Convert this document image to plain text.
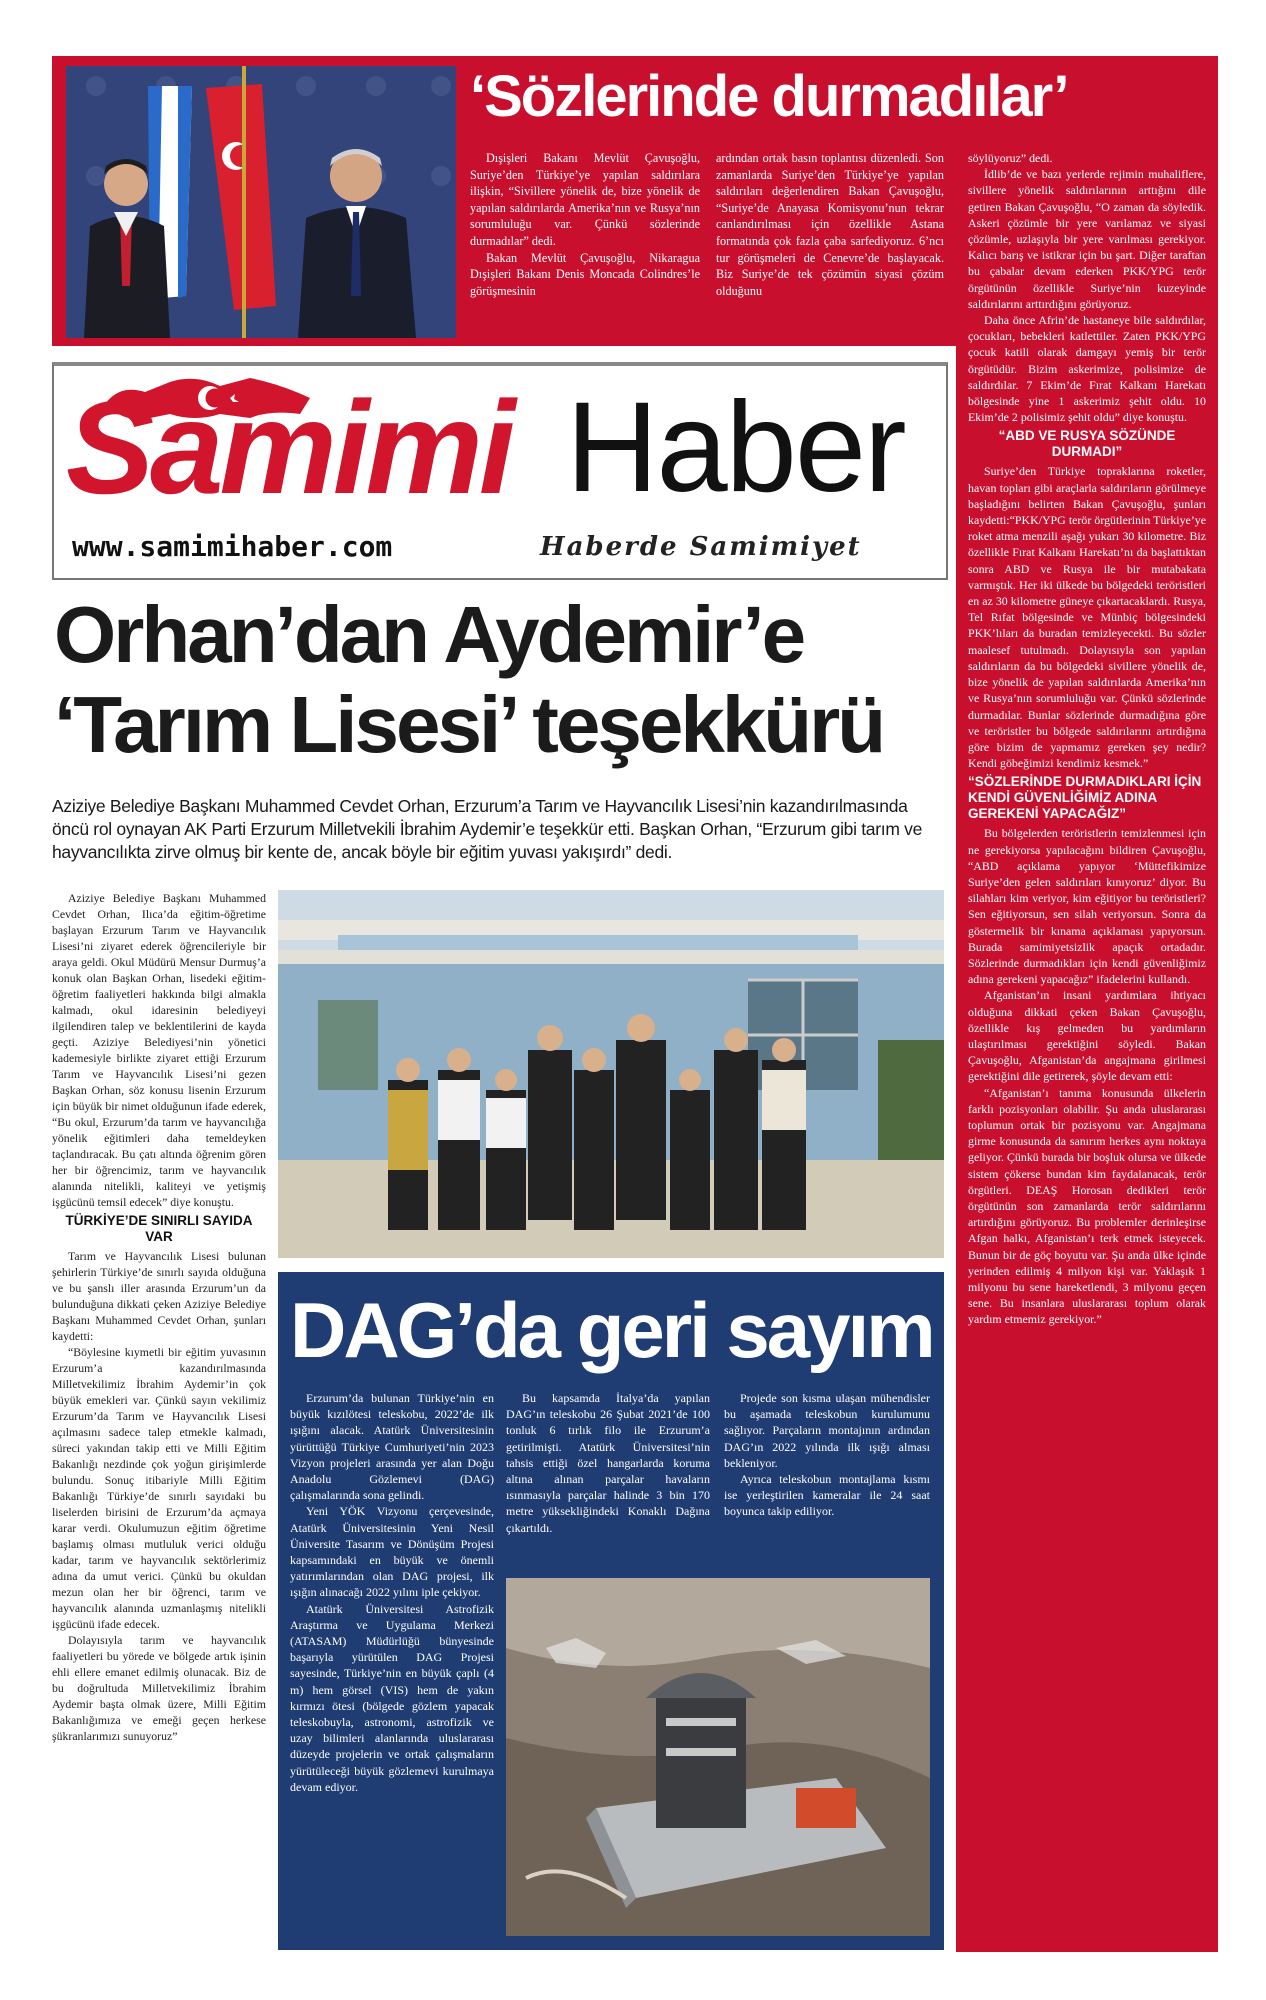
‘Sözlerinde durmadılar’

Dışişleri Bakanı Mevlüt Çavuşoğlu, Suriye’den Türkiye’ye yapılan saldırılara ilişkin, “Sivillere yönelik de, bize yönelik de yapılan saldırılarda Amerika’nın ve Rusya’nın sorumluluğu var. Çünkü sözlerinde durmadılar” dedi.

Bakan Mevlüt Çavuşoğlu, Nikaragua Dışişleri Bakanı Denis Moncada Colindres’le görüşmesinin

ardından ortak basın toplantısı düzenledi. Son zamanlarda Suriye’den Türkiye’ye yapılan saldırıları değerlendiren Bakan Çavuşoğlu, “Suriye’de Anayasa Komisyonu’nun tekrar canlandırılması için özellikle Astana formatında çok fazla çaba sarfediyoruz. 6’ncı tur görüşmeleri de Cenevre’de başlayacak. Biz Suriye’de tek çözümün siyasi çözüm olduğunu

söylüyoruz” dedi.

İdlib’de ve bazı yerlerde rejimin muhaliflere, sivillere yönelik saldırılarının arttığını dile getiren Bakan Çavuşoğlu, “O zaman da söyledik. Askeri çözümle bir yere varılamaz ve siyasi çözümle, uzlaşıyla bir yere varılması gerekiyor. Kalıcı barış ve istikrar için bu şart. Diğer taraftan bu çabalar devam ederken PKK/YPG terör örgütünün özellikle Suriye’nin kuzeyinde saldırılarını arttırdığını görüyoruz.

Daha önce Afrin’de hastaneye bile saldırdılar, çocukları, bebekleri katlettiler. Zaten PKK/YPG çocuk katili olarak damgayı yemiş bir terör örgütüdür. Bizim askerimize, polisimize de saldırdılar. 7 Ekim’de Fırat Kalkanı Harekatı bölgesinde yine 1 askerimiz şehit oldu. 10 Ekim’de 2 polisimiz şehit oldu” diye konuştu.

“ABD VE RUSYA SÖZÜNDE DURMADI”

Suriye’den Türkiye topraklarına roketler, havan topları gibi araçlarla saldırıların görülmeye başladığını belirten Bakan Çavuşoğlu, şunları kaydetti:“PKK/YPG terör örgütlerinin Türkiye’ye roket atma menzili aşağı yukarı 30 kilometre. Biz özellikle Fırat Kalkanı Harekatı’nı da başlattıktan sonra ABD ve Rusya ile bir mutabakata varmıştık. Her iki ülkede bu bölgedeki teröristleri en az 30 kilometre güneye çıkartacaklardı. Rusya, Tel Rıfat bölgesinde ve Münbiç bölgesindeki PKK’lıları da buradan temizleyecekti. Bu sözler maalesef tutulmadı. Dolayısıyla son yapılan saldırıların da bu bölgedeki sivillere yönelik de, bize yönelik de yapılan saldırılarda Amerika’nın ve Rusya’nın sorumluluğu var. Çünkü sözlerinde durmadılar. Bunlar sözlerinde durmadığına göre ve teröristler bu bölgede saldırılarını artırdığına göre bizim de yapmamız gereken şey nedir? Kendi göbeğimizi kendimiz kesmek.”

“SÖZLERİNDE DURMADIKLARI İÇİN KENDİ GÜVENLİĞİMİZ ADINA GEREKENİ YAPACAĞIZ”

Bu bölgelerden teröristlerin temizlenmesi için ne gerekiyorsa yapılacağını bildiren Çavuşoğlu, “ABD açıklama yapıyor ‘Müttefikimize Suriye’den gelen saldırıları kınıyoruz’ diyor. Bu silahları kim veriyor, kim eğitiyor bu teröristleri? Sen eğitiyorsun, sen silah veriyorsun. Sonra da göstermelik bir kınama açıklaması yapıyorsun. Burada samimiyetsizlik apaçık ortadadır. Sözlerinde durmadıkları için kendi güvenliğimiz adına gerekeni yapacağız” ifadelerini kullandı.

Afganistan’ın insani yardımlara ihtiyacı olduğuna dikkati çeken Bakan Çavuşoğlu, özellikle kış gelmeden bu yardımların ulaştırılması gerektiğini söyledi. Bakan Çavuşoğlu, Afganistan’da angajmana girilmesi gerektiğini dile getirerek, şöyle devam etti:

“Afganistan’ı tanıma konusunda ülkelerin farklı pozisyonları olabilir. Şu anda uluslararası toplumun ortak bir pozisyonu var. Angajmana girme konusunda da sanırım herkes aynı noktaya geliyor. Çünkü burada bir boşluk olursa ve ülkede sistem çökerse bundan kim faydalanacak, terör örgütleri. DEAŞ Horosan dedikleri terör örgütünün son zamanlarda terör saldırılarını artırdığını görüyoruz. Bu problemler derinleşirse Afgan halkı, Afganistan’ı terk etmek isteyecek. Bunun bir de göç boyutu var. Şu anda ülke içinde yerinden edilmiş 4 milyon kişi var. Yaklaşık 1 milyonu bu sene hareketlendi, 3 milyonu geçen sene. Bu insanlara uluslararası toplum olarak yardım etmemiz gerekiyor.”

Samimi Haber
www.samimihaber.com	Haberde Samimiyet
Orhan’dan Aydemir’e
‘Tarım Lisesi’ teşekkürü
Aziziye Belediye Başkanı Muhammed Cevdet Orhan, Erzurum’a Tarım ve Hayvancılık Lisesi’nin kazandırılmasında öncü rol oynayan AK Parti Erzurum Milletvekili İbrahim Aydemir’e teşekkür etti. Başkan Orhan, “Erzurum gibi tarım ve hayvancılıkta zirve olmuş bir kente de, ancak böyle bir eğitim yuvası yakışırdı” dedi.

Aziziye Belediye Başkanı Muhammed Cevdet Orhan, Ilıca’da eğitim-öğretime başlayan Erzurum Tarım ve Hayvancılık Lisesi’ni ziyaret ederek öğrencileriyle bir araya geldi. Okul Müdürü Mensur Durmuş’a konuk olan Başkan Orhan, lisedeki eğitim-öğretim faaliyetleri hakkında bilgi almakla kalmadı, okul idaresinin belediyeyi ilgilendiren talep ve beklentilerini de kayda geçti. Aziziye Belediyesi’nin yönetici kademesiyle birlikte ziyaret ettiği Erzurum Tarım ve Hayvancılık Lisesi’ni gezen Başkan Orhan, söz konusu lisenin Erzurum için büyük bir nimet olduğunun ifade ederek, “Bu okul, Erzurum’da tarım ve hayvancılığa yönelik eğitimleri daha temeldeyken taçlandıracak. Bu çatı altında öğrenim gören her bir öğrencimiz, tarım ve hayvancılık alanında nitelikli, kaliteyi ve yetişmiş işgücünü temsil edecek” diye konuştu.

TÜRKİYE’DE SINIRLI SAYIDA VAR

Tarım ve Hayvancılık Lisesi bulunan şehirlerin Türkiye’de sınırlı sayıda olduğuna ve bu şanslı iller arasında Erzurum’un da bulunduğuna dikkati çeken Aziziye Belediye Başkanı Muhammed Cevdet Orhan, şunları kaydetti:

“Böylesine kıymetli bir eğitim yuvasının Erzurum’a kazandırılmasında Milletvekilimiz İbrahim Aydemir’in çok büyük emekleri var. Çünkü sayın vekilimiz Erzurum’da Tarım ve Hayvancılık Lisesi açılmasını sadece talep etmekle kalmadı, süreci yakından takip etti ve Milli Eğitim Bakanlığı nezdinde çok yoğun girişimlerde bulundu. Sonuç itibariyle Milli Eğitim Bakanlığı Türkiye’de sınırlı sayıdaki bu liselerden birisini de Erzurum’da açmaya karar verdi. Okulumuzun eğitim öğretime başlamış olması mutluluk verici olduğu kadar, tarım ve hayvancılık sektörlerimiz adına da umut verici. Çünkü bu okuldan mezun olan her bir öğrenci, tarım ve hayvancılık alanında uzmanlaşmış nitelikli işgücünü ifade edecek.

Dolayısıyla tarım ve hayvancılık faaliyetleri bu yörede ve bölgede artık işinin ehli ellere emanet edilmiş olunacak. Biz de bu doğrultuda Milletvekilimiz İbrahim Aydemir başta olmak üzere, Milli Eğitim Bakanlığımıza ve emeği geçen herkese şükranlarımızı sunuyoruz”

DAG’da geri sayım

Erzurum’da bulunan Türkiye’nin en büyük kızılötesi teleskobu, 2022’de ilk ışığını alacak. Atatürk Üniversitesinin yürüttüğü Türkiye Cumhuriyeti’nin 2023 Vizyon projeleri arasında yer alan Doğu Anadolu Gözlemevi (DAG) çalışmalarında sona gelindi.

Yeni YÖK Vizyonu çerçevesinde, Atatürk Üniversitesinin Yeni Nesil Üniversite Tasarım ve Dönüşüm Projesi kapsamındaki en büyük ve önemli yatırımlarından olan DAG projesi, ilk ışığın alınacağı 2022 yılını iple çekiyor.

Atatürk Üniversitesi Astrofizik Araştırma ve Uygulama Merkezi (ATASAM) Müdürlüğü bünyesinde başarıyla yürütülen DAG Projesi sayesinde, Türkiye’nin en büyük çaplı (4 m) hem görsel (VIS) hem de yakın kırmızı ötesi (bölgede gözlem yapacak teleskobuyla, astronomi, astrofizik ve uzay bilimleri alanlarında uluslararası düzeyde projelerin ve ortak çalışmaların yürütüleceği büyük gözlemevi kurulmaya devam ediyor.

Bu kapsamda İtalya’da yapılan DAG’ın teleskobu 26 Şubat 2021’de 100 tonluk 6 tırlık filo ile Erzurum’a getirilmişti. Atatürk Üniversitesi’nin tahsis ettiği özel hangarlarda koruma altına alınan parçalar havaların ısınmasıyla parçalar halinde 3 bin 170 metre yüksekliğindeki Konaklı Dağına çıkartıldı.

Projede son kısma ulaşan mühendisler bu aşamada teleskobun kurulumunu sağlıyor. Parçaların montajının ardından DAG’ın 2022 yılında ilk ışığı alması bekleniyor.

Ayrıca teleskobun montajlama kısmı ise yerleştirilen kameralar ile 24 saat boyunca takip ediliyor.
